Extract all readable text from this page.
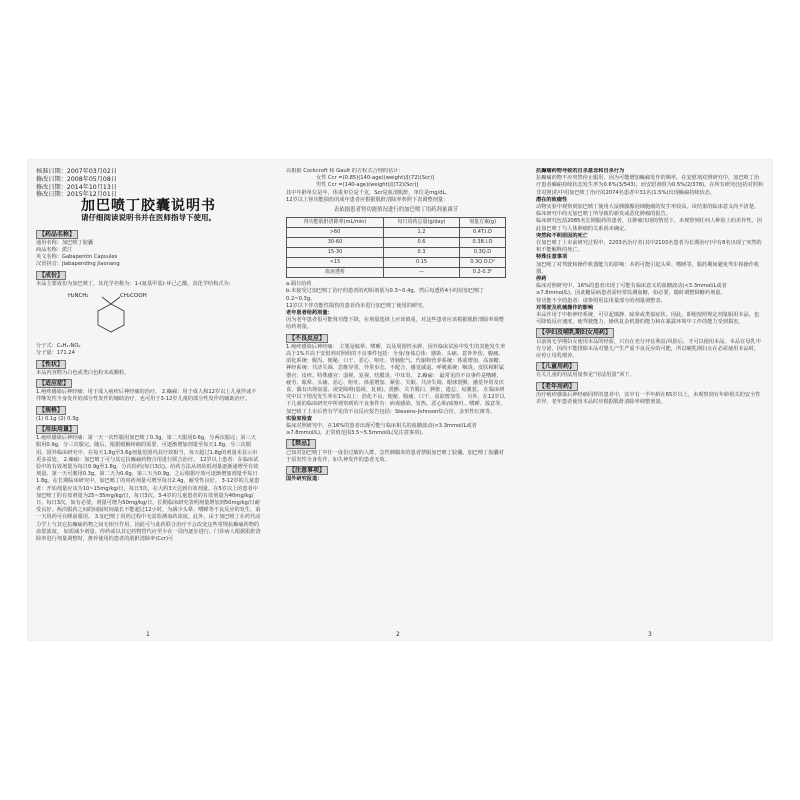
核准日期：2007年03月02日
修改日期：2008年05月08日
修改日期：2014年10月13日
修改日期：2015年12月01日
加巴喷丁胶囊说明书
请仔细阅读说明书并在医师指导下使用。
【药品名称】

通用名称：加巴喷丁胶囊

商品名称：派汀

英文名称：Gabapentin Capsules

汉语拼音：Jiabapending Jiaonang

【成份】

本品主要成份为加巴喷丁，其化学名称为：1-(氨基甲基)-环己乙酸。其化学结构式为：

H₂NCH₂	CH₂COOH

分子式：C₉H₁₇NO₂

分子量：171.24

【性状】

本品内容物为白色或类白色粉末或颗粒。

【适应症】

1.疱疹感染后神经痛：用于成人疱疹后神经痛的治疗。 2.癫痫：用于成人和12岁以上儿童伴或不伴继发性全身发作的部分性发作的辅助治疗。也可用于3-12岁儿童的部分性发作的辅助治疗。

【规格】

(1) 0.1g (2) 0.3g

【用法用量】

1.疱疹感染后神经痛：第一天一次性服用加巴喷丁0.3g，第二天服用0.6g，分两次服完；第三天服用0.9g，分三次服完。随后，根据缓解疼痛的需要，可逐渐增加剂量至每天1.8g，分三次服用。国外临床研究中，在每天1.8g至3.6g剂量范围内其疗效相当，每天超过1.8g的剂量未显示出更多益处。 2.癫痫：加巴喷丁可与其它抗癫痫药物合用进行联合治疗。 12岁以上患者：在临床试验中的有效剂量为每日0.9g至1.8g，分次给药(每日3次)。给药方法从初始低剂量逐渐递增至有效剂量。第一天可服用0.3g，第二天为0.6g，第三天为0.9g，之后根据疗效可逐渐增加剂量至每日1.8g。在长期临床研究中，加巴喷丁的用药剂量可增至每日2.4g，耐受性良好。 3-12岁的儿童患者：开始剂量应该为10~15mg/kg/日，每日3次，在大约3天达到有效剂量。在5岁以上的患者中加巴喷丁的有效剂量为25~35mg/kg/日，每日3次。3-4岁的儿童患者的有效剂量为40mg/kg/日，每日3次。如有必要，剂量可增为50mg/kg/日。长期临床研究表明剂量增加到50mg/kg/日耐受良好。两次服药之间的间隔时间最长不能超过12小时。为减少头晕、嗜睡等不良反应的发生，第一天用药可在睡前服用。 3.加巴喷丁用药过程中无需监测血药浓度。此外，由于加巴喷丁在药代动力学上与其它抗癫痫药物之间无相互作用，因此可与此药联合治疗不会改变这些常规抗癫痫药物的血浆浓度。 如需减少剂量、停药或以其它药物替代应至少在一周内逐步进行。门诊病人根据肌酐清除率进行剂量调整时，推荐使用的患者的肌酐清除率(Ccr)可

1

以根据 Cockcroft 和 Gault 的方程式合理的估计：

女性 Ccr =(0.85)(140-age)(weight)/[(72)(Scr)]

男性 Ccr =(140-age)(weight)/[(72)(Scr)]

其中年龄单位是年，体重单位是千克，Scr是血清肌酐，单位是mg/dL。

12岁以上肾功能损伤的成年患者应根据肌酐清除率参照下表调整剂量：

表依据患者肾功能情况进行的加巴喷丁用药剂量调节
肾功能肌酐清除率(mL/min)	每日用药总量(g/day)	剂量方案(g)
>60	1.2	0.4T.I.D
30-60	0.6	0.3B.I.D
15-30	0.3	0.3Q.D
<15	0.15	0.3Q.O.Dᵃ
血液透析	—	0.2-0.3ᵇ

a.隔日给药

b.未接受过加巴喷丁治疗的患者的初始剂量为0.3~0.4g，然后每透析4小时给加巴喷丁0.2~0.3g。

12岁以下伴功能性损伤的患者尚未进行加巴喷丁使用的研究。

老年患者给药剂量：

因为老年患者很可能肾功能下降，在剂量选择上应该慎重，对这些患者应该根据肌酐清除率调整给药剂量。

【不良反应】

1.疱疹感染后神经痛： 主要是眩晕、嗜睡，以及周围性水肿，因外临床试验中发生的其他发生率高于1%并高于安慰剂对照组的不良事件包括：全身/身体总体：感染、头痛、意外外伤、腹痛。消化系统：腹泻、便秘、口干、恶心、呕吐、胃肠胀气。代谢和营养系统：体重增加、高血糖。神经系统：共济失调、思维异常、异常步态、不配合、感觉减退。呼吸系统：咽炎。皮肤和附属器官：皮疹。特殊感官：弱视、复视、结膜炎、中耳炎。 2.癫痫： 最常见的不良事件是嗜睡、疲劳、眩晕、头痛、恶心、呕吐、体重增加、紧张、失眠、共济失调、眼球震颤、感觉异常及厌食。偶有出现衰弱、视觉障碍(弱视、复视)、震颤、关节脱臼、肿胀，遗忘、易激惹。 在临床研究中以下情况发生率在1%以上：消化不良、便秘、腹痛、口干、食欲增加等。 另外，在12岁以下儿童的临床研究中所观察到的不良事件有：病毒感染、发热、恶心和/或呕吐、嗜睡、敌意等。 加巴喷丁上市后曾有罕见的不良反应报告包括：Stevens-Johnson综合征、多形性红斑等。

实验室检查

临床对照研究中，在16%的患者出现可能与临床相关的血糖波动(<3.3mmol/L或者≥7.8mmol/L)，正常值范围3.5~5.5mmol/L(见注意事项)。

【禁忌】

已知对加巴喷丁中任一成份过敏的人群，急性胰腺炎的患者禁服加巴喷丁胶囊。加巴喷丁胶囊对于原发性全身发作，如失神发作的患者无效。

【注意事项】

国外研究报道：

2

抗癫痫药物导致的自杀意念和自杀行为

抗癫痫药物不应突然停止服用，因为可能增加癫痫发作的频率。在安慰剂对照研究中，加巴喷丁治疗患者癫痫持续状态发生率为0.6%(3/543)，而安慰剂组为0.5%(2/378)。在所有研究(包括对照和非对照)的中用加巴喷丁治疗的2074名患者中31名(1.5%)出现癫痫持续状态。

潜在的致瘤性

动物实验中观察到加巴喷丁使用大鼠胰腺腺泡细胞瘤的发生率较高。该结果的临床意义尚不清楚。临床研究中尚无加巴喷丁所导致的新发或恶化肿瘤的报告。

临床研究包括2085名长期服药的患者，在肿瘤出现的情况下，未观察到任何人种别上的差异性。因此加巴喷丁与人体肿瘤的关系尚未确定。

突然和不明原因的死亡

在加巴喷丁上市前研究过程中，2203名治疗者(其中2103名患者为长期治疗)中有8名出现了突然的和不能解释的死亡。

特殊注意事项

加巴喷丁对驾驶和操作机器能力的影响：本药可能引起头晕、嗜睡等，服药期间避免驾车和操作机器。

停药

临床对照研究中，16%的患者出现了可能有临床意义的血糖波动(<3.3mmol/L或者≥7.8mmol/L)，因此糖尿病患者需经常监测血糖，如必要，随时调整降糖药剂量。

肾功能不全的患者：请参照用法用量部分的剂量调整表。

对驾驶及机械操作的影响

本品作用于中枢神经系统，可引起镇静、眩晕或类似症状。因此，即使按照规定剂量服用本品，也可降低反应速度，使驾驶能力、操纵复杂机器的能力和在暴露环境中工作的能力受到损害。

【孕妇及哺乳期妇女用药】

目前尚无孕期妇女使用本品的经验，只有在充分评估利益/风险后，才可以使用本品。本品在母乳中有分泌，因尚不能排除本品对婴儿产生严重不良反应的可能，所以哺乳期妇女在必需使用本品时，应停止母乳喂养。

【儿童用药】

有关儿童的用法用量参见“用法用量”项下。

【老年用药】

治疗疱疹感染后神经痛同样的患者中，其中有一半年龄在65岁以上，未观察到有年龄相关的安全性差异。老年患者使用本品时应根据肌酐清除率调整剂量。

3
